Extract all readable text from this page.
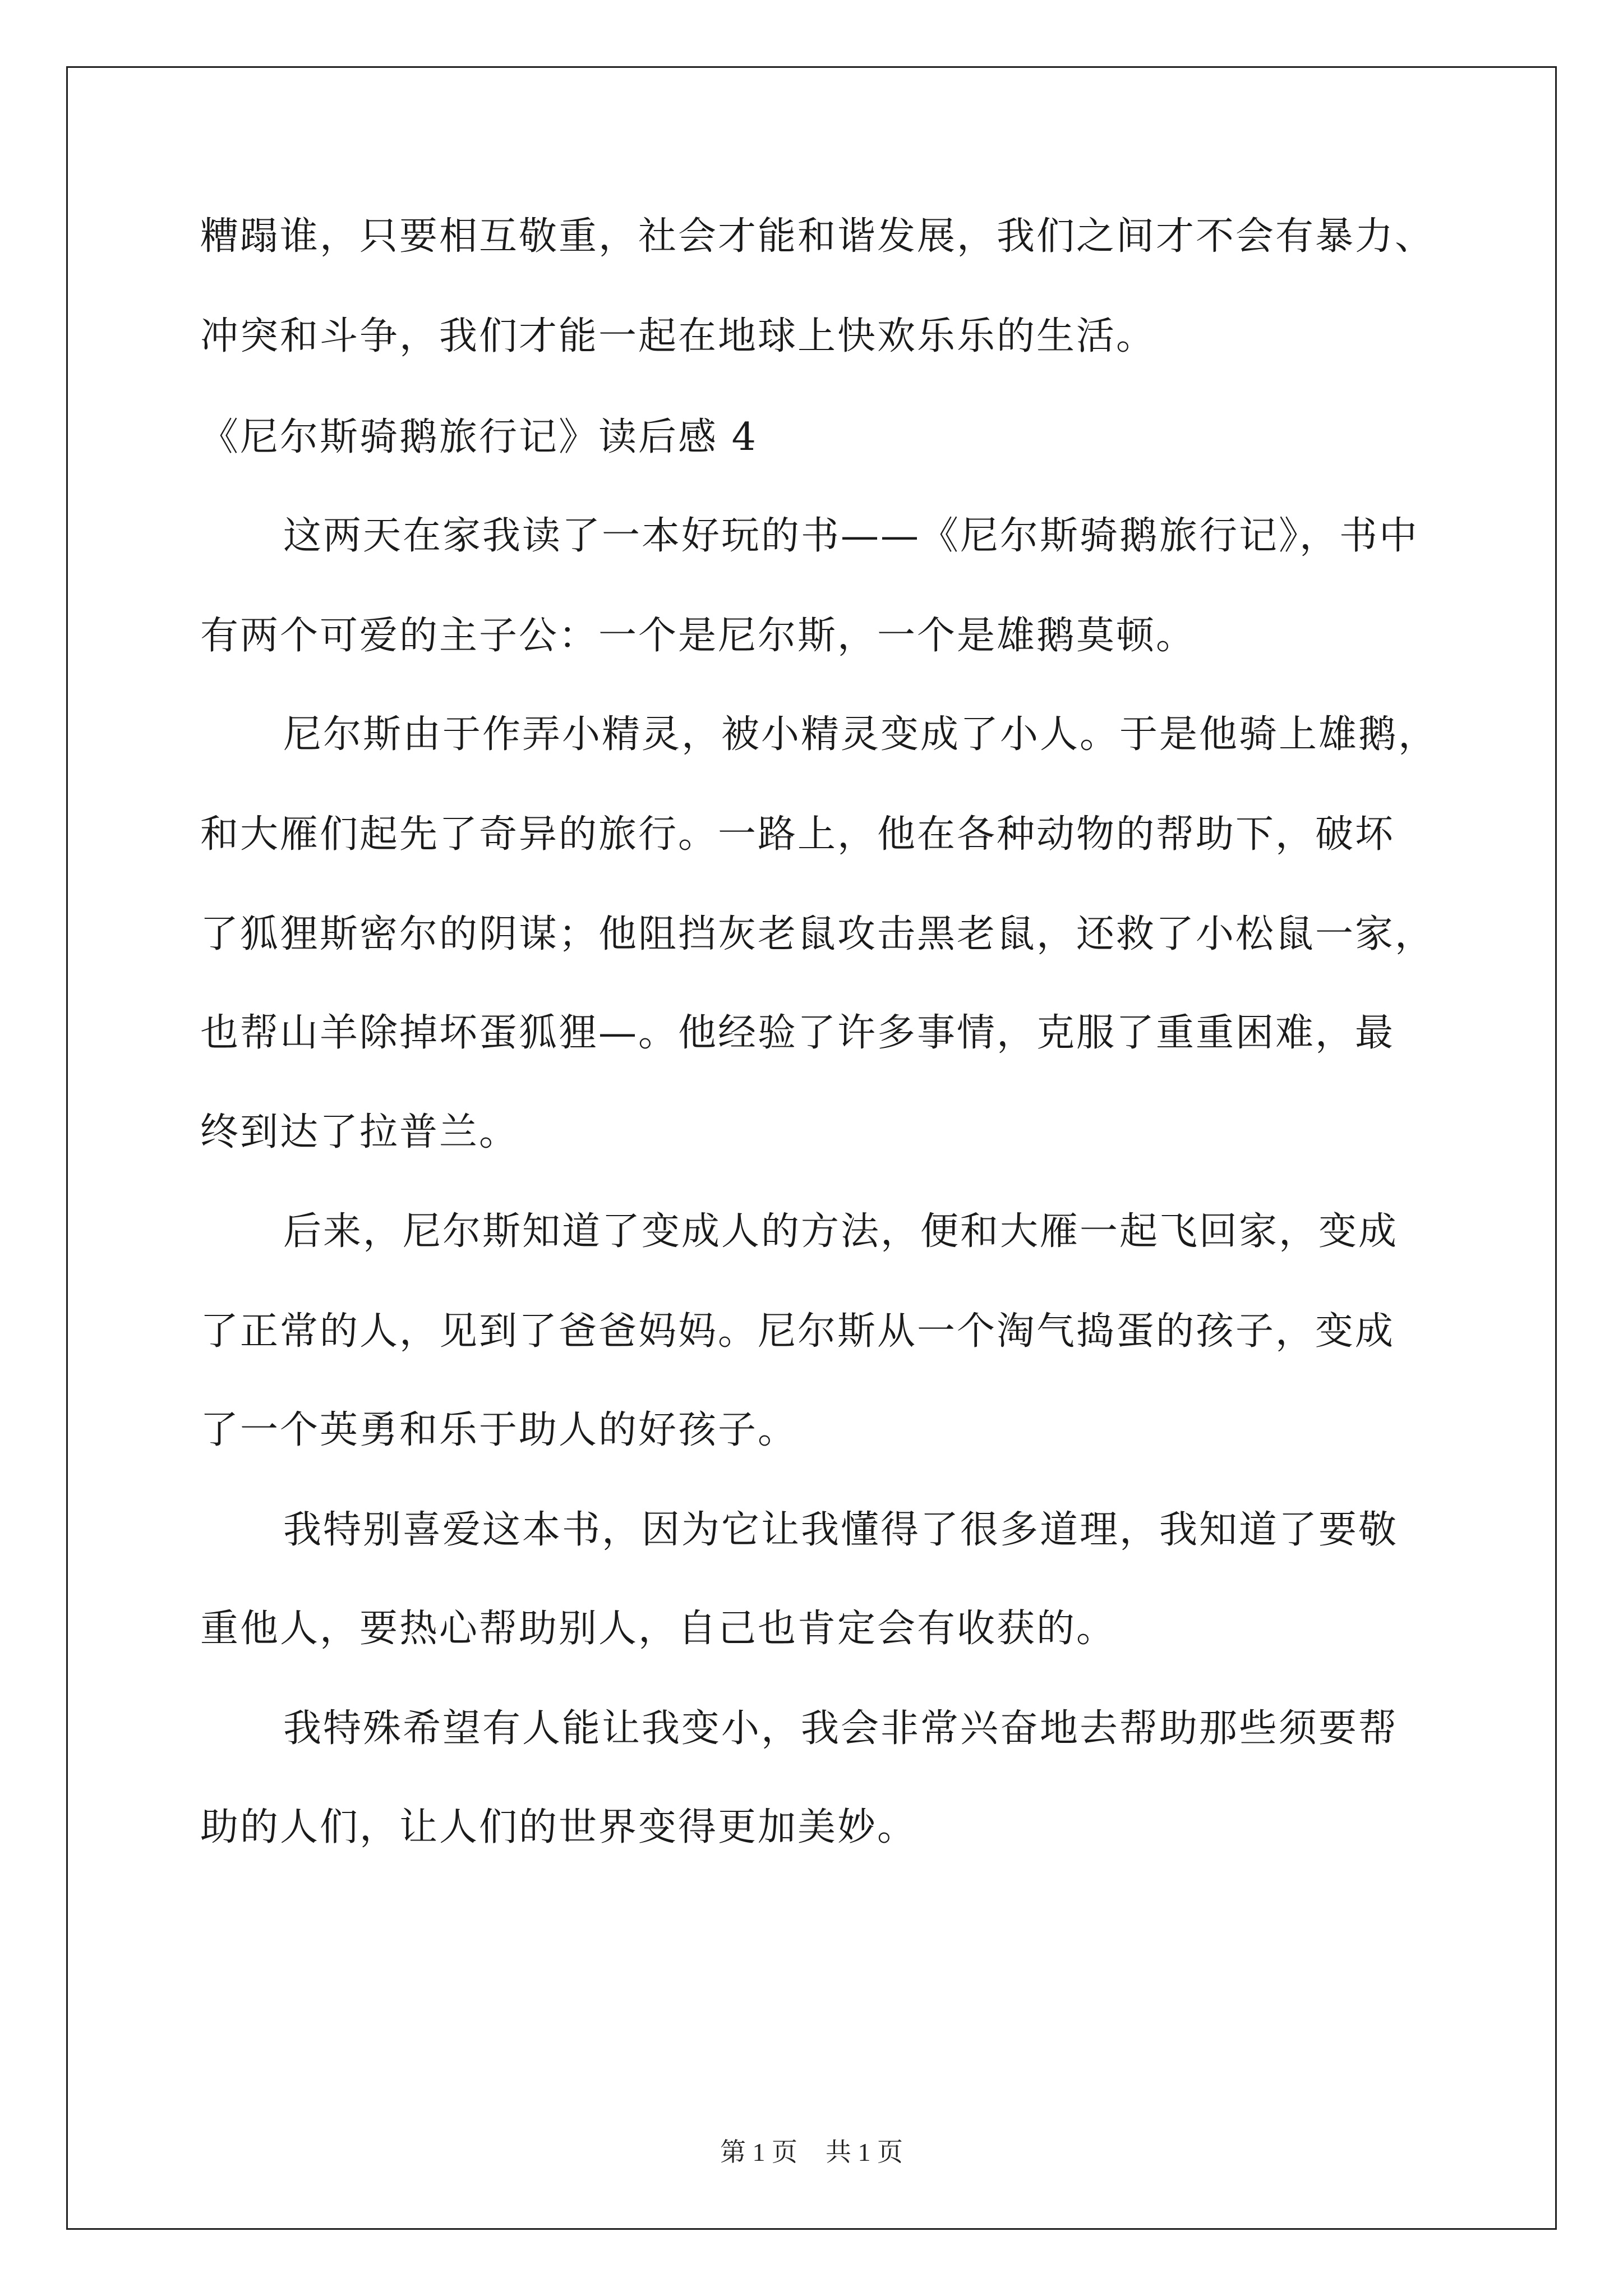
糟蹋谁，只要相互敬重，社会才能和谐发展，我们之间才不会有暴力、
冲突和斗争，我们才能一起在地球上快欢乐乐的生活。
《尼尔斯骑鹅旅行记》读后感 4
这两天在家我读了一本好玩的书——《尼尔斯骑鹅旅行记》，书中
有两个可爱的主子公：一个是尼尔斯，一个是雄鹅莫顿。
尼尔斯由于作弄小精灵，被小精灵变成了小人。于是他骑上雄鹅，
和大雁们起先了奇异的旅行。一路上，他在各种动物的帮助下，破坏
了狐狸斯密尔的阴谋；他阻挡灰老鼠攻击黑老鼠，还救了小松鼠一家，
也帮山羊除掉坏蛋狐狸—。他经验了许多事情，克服了重重困难，最
终到达了拉普兰。
后来，尼尔斯知道了变成人的方法，便和大雁一起飞回家，变成
了正常的人，见到了爸爸妈妈。尼尔斯从一个淘气捣蛋的孩子，变成
了一个英勇和乐于助人的好孩子。
我特别喜爱这本书，因为它让我懂得了很多道理，我知道了要敬
重他人，要热心帮助别人，自己也肯定会有收获的。
我特殊希望有人能让我变小，我会非常兴奋地去帮助那些须要帮
助的人们，让人们的世界变得更加美妙。
第 1 页 共 1 页
